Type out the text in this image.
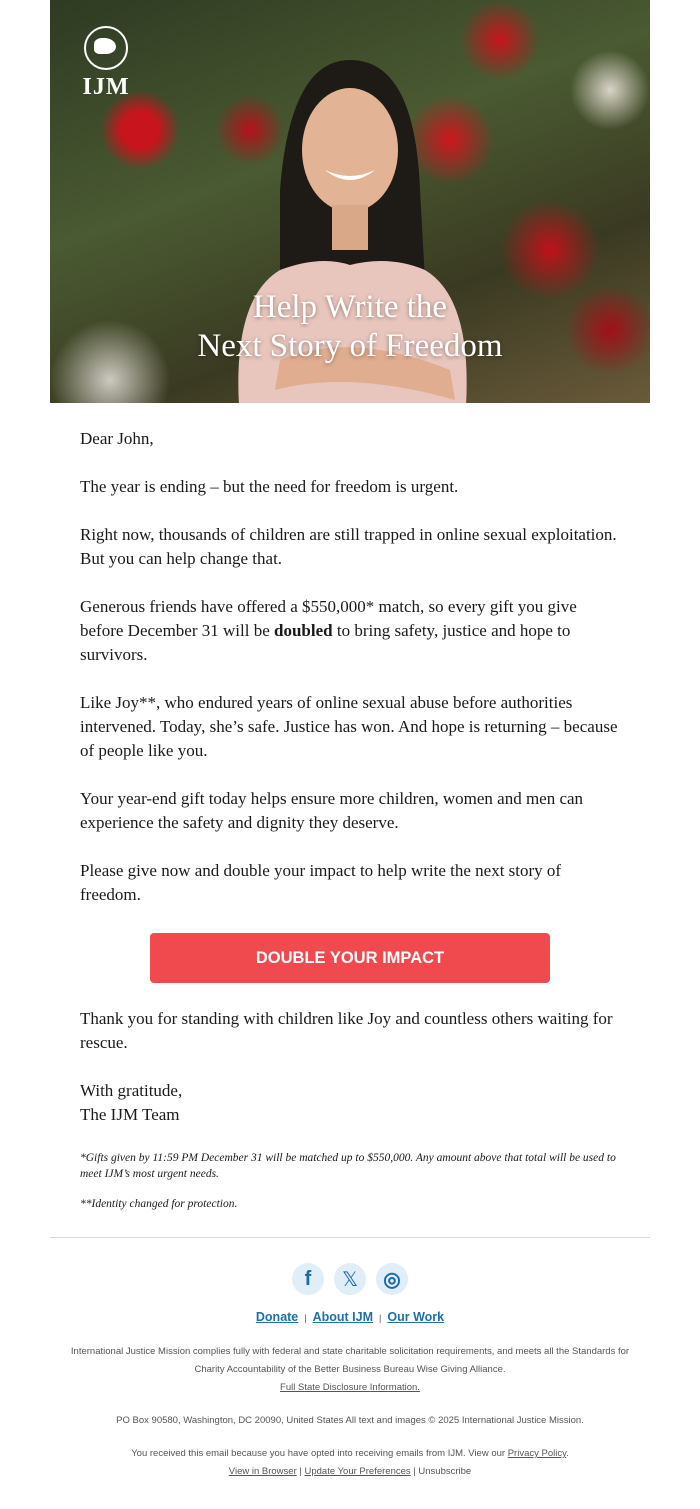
IJM
Help Write the
Next Story of Freedom

Dear John,

The year is ending – but the need for freedom is urgent.

Right now, thousands of children are still trapped in online sexual exploitation. But you can help change that.

Generous friends have offered a $550,000* match, so every gift you give before December 31 will be doubled to bring safety, justice and hope to survivors.

Like Joy**, who endured years of online sexual abuse before authorities intervened. Today, she’s safe. Justice has won. And hope is returning – because of people like you.

Your year-end gift today helps ensure more children, women and men can experience the safety and dignity they deserve.

Please give now and double your impact to help write the next story of freedom.

DOUBLE YOUR IMPACT

Thank you for standing with children like Joy and countless others waiting for rescue.

With gratitude,
The IJM Team

*Gifts given by 11:59 PM December 31 will be matched up to $550,000. Any amount above that total will be used to meet IJM’s most urgent needs.

**Identity changed for protection.

f	𝕏	◎
Donate | About IJM | Our Work
International Justice Mission complies fully with federal and state charitable solicitation requirements, and meets all the Standards for Charity Accountability of the Better Business Bureau Wise Giving Alliance.
Full State Disclosure Information.
PO Box 90580, Washington, DC 20090, United States All text and images © 2025 International Justice Mission.
You received this email because you have opted into receiving emails from IJM. View our Privacy Policy.
View in Browser | Update Your Preferences | Unsubscribe
